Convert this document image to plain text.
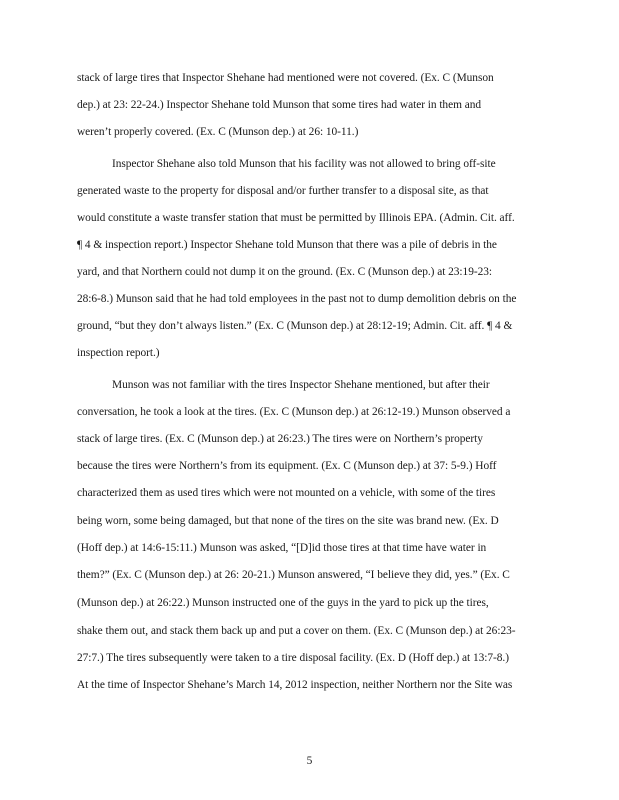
stack of large tires that Inspector Shehane had mentioned were not covered. (Ex. C (Munson
dep.) at 23: 22-24.) Inspector Shehane told Munson that some tires had water in them and
weren’t properly covered. (Ex. C (Munson dep.) at 26: 10-11.)
Inspector Shehane also told Munson that his facility was not allowed to bring off-site
generated waste to the property for disposal and/or further transfer to a disposal site, as that
would constitute a waste transfer station that must be permitted by Illinois EPA. (Admin. Cit. aff.
¶ 4 & inspection report.) Inspector Shehane told Munson that there was a pile of debris in the
yard, and that Northern could not dump it on the ground. (Ex. C (Munson dep.) at 23:19-23:
28:6-8.) Munson said that he had told employees in the past not to dump demolition debris on the
ground, “but they don’t always listen.” (Ex. C (Munson dep.) at 28:12-19; Admin. Cit. aff. ¶ 4 &
inspection report.)
Munson was not familiar with the tires Inspector Shehane mentioned, but after their
conversation, he took a look at the tires. (Ex. C (Munson dep.) at 26:12-19.) Munson observed a
stack of large tires. (Ex. C (Munson dep.) at 26:23.) The tires were on Northern’s property
because the tires were Northern’s from its equipment. (Ex. C (Munson dep.) at 37: 5-9.) Hoff
characterized them as used tires which were not mounted on a vehicle, with some of the tires
being worn, some being damaged, but that none of the tires on the site was brand new. (Ex. D
(Hoff dep.) at 14:6-15:11.) Munson was asked, “[D]id those tires at that time have water in
them?” (Ex. C (Munson dep.) at 26: 20-21.) Munson answered, “I believe they did, yes.” (Ex. C
(Munson dep.) at 26:22.) Munson instructed one of the guys in the yard to pick up the tires,
shake them out, and stack them back up and put a cover on them. (Ex. C (Munson dep.) at 26:23-
27:7.) The tires subsequently were taken to a tire disposal facility. (Ex. D (Hoff dep.) at 13:7-8.)
At the time of Inspector Shehane’s March 14, 2012 inspection, neither Northern nor the Site was
5
